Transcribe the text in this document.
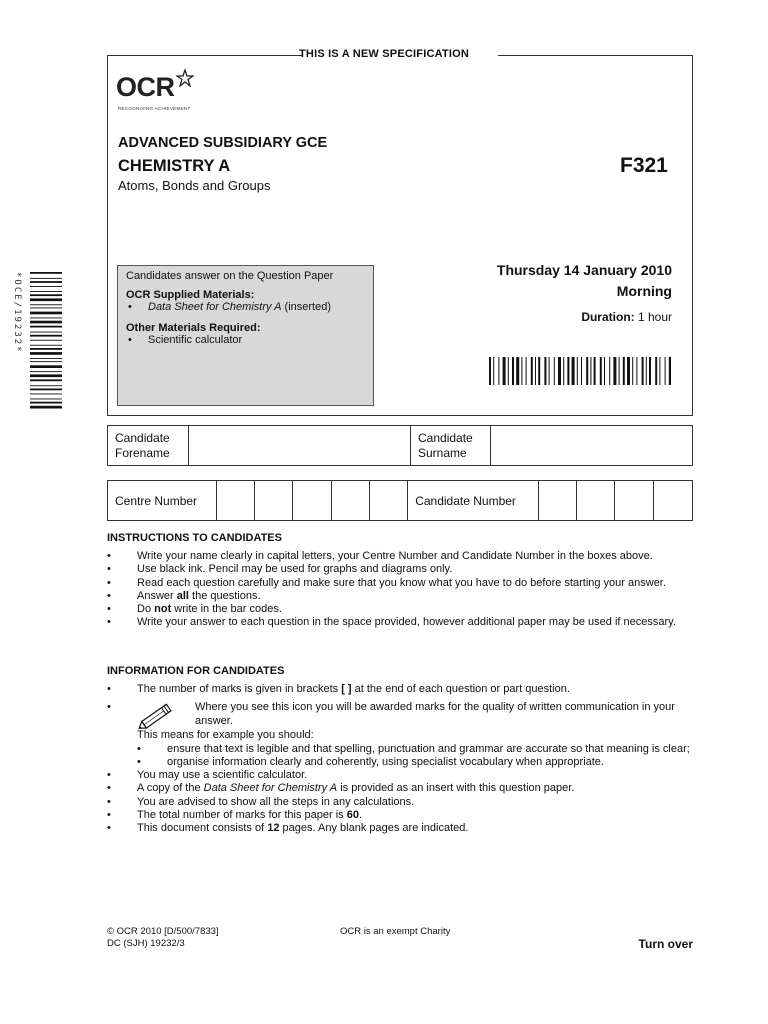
THIS IS A NEW SPECIFICATION
OCR
RECOGNISING ACHIEVEMENT
ADVANCED SUBSIDIARY GCE
CHEMISTRY A
Atoms, Bonds and Groups
F321
Candidates answer on the Question Paper
OCR Supplied Materials:
• Data Sheet for Chemistry A (inserted)
Other Materials Required:
• Scientific calculator
Thursday 14 January 2010
Morning
Duration: 1 hour
*OCE/19232*
Candidate
Forename
Candidate
Surname
Centre Number	Candidate Number
INSTRUCTIONS TO CANDIDATES
• Write your name clearly in capital letters, your Centre Number and Candidate Number in the boxes above.
• Use black ink. Pencil may be used for graphs and diagrams only.
• Read each question carefully and make sure that you know what you have to do before starting your answer.
• Answer all the questions.
• Do not write in the bar codes.
• Write your answer to each question in the space provided, however additional paper may be used if necessary.
INFORMATION FOR CANDIDATES
• The number of marks is given in brackets [ ] at the end of each question or part question.
•	Where you see this icon you will be awarded marks for the quality of written communication in your answer.
This means for example you should:
• ensure that text is legible and that spelling, punctuation and grammar are accurate so that meaning is clear;
• organise information clearly and coherently, using specialist vocabulary when appropriate.
• You may use a scientific calculator.
• A copy of the Data Sheet for Chemistry A is provided as an insert with this question paper.
• You are advised to show all the steps in any calculations.
• The total number of marks for this paper is 60.
• This document consists of 12 pages. Any blank pages are indicated.
© OCR 2010 [D/500/7833]
DC (SJH) 19232/3
OCR is an exempt Charity
Turn over
